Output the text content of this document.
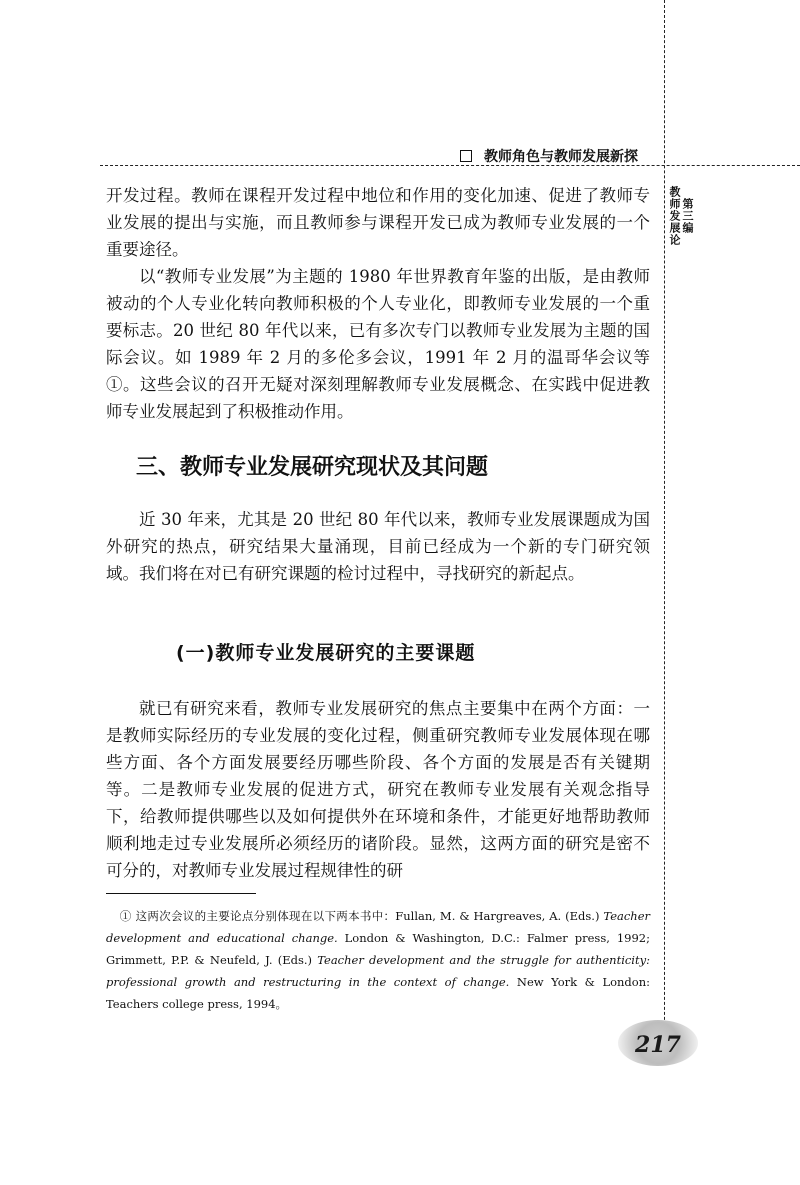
教师角色与教师发展新探
第三编
教师发展论

开发过程。教师在课程开发过程中地位和作用的变化加速、促进了教师专业发展的提出与实施，而且教师参与课程开发已成为教师专业发展的一个重要途径。

以“教师专业发展”为主题的 1980 年世界教育年鉴的出版，是由教师被动的个人专业化转向教师积极的个人专业化，即教师专业发展的一个重要标志。20 世纪 80 年代以来，已有多次专门以教师专业发展为主题的国际会议。如 1989 年 2 月的多伦多会议，1991 年 2 月的温哥华会议等①。这些会议的召开无疑对深刻理解教师专业发展概念、在实践中促进教师专业发展起到了积极推动作用。

三、教师专业发展研究现状及其问题

近 30 年来，尤其是 20 世纪 80 年代以来，教师专业发展课题成为国外研究的热点，研究结果大量涌现，目前已经成为一个新的专门研究领域。我们将在对已有研究课题的检讨过程中，寻找研究的新起点。

(一)教师专业发展研究的主要课题

就已有研究来看，教师专业发展研究的焦点主要集中在两个方面：一是教师实际经历的专业发展的变化过程，侧重研究教师专业发展体现在哪些方面、各个方面发展要经历哪些阶段、各个方面的发展是否有关键期等。二是教师专业发展的促进方式，研究在教师专业发展有关观念指导下，给教师提供哪些以及如何提供外在环境和条件，才能更好地帮助教师顺利地走过专业发展所必须经历的诸阶段。显然，这两方面的研究是密不可分的，对教师专业发展过程规律性的研

① 这两次会议的主要论点分别体现在以下两本书中：Fullan, M. & Hargreaves, A. (Eds.) Teacher development and educational change. London & Washington, D.C.: Falmer press, 1992; Grimmett, P.P. & Neufeld, J. (Eds.) Teacher development and the struggle for authenticity: professional growth and restructuring in the context of change. New York & London: Teachers college press, 1994。

217
